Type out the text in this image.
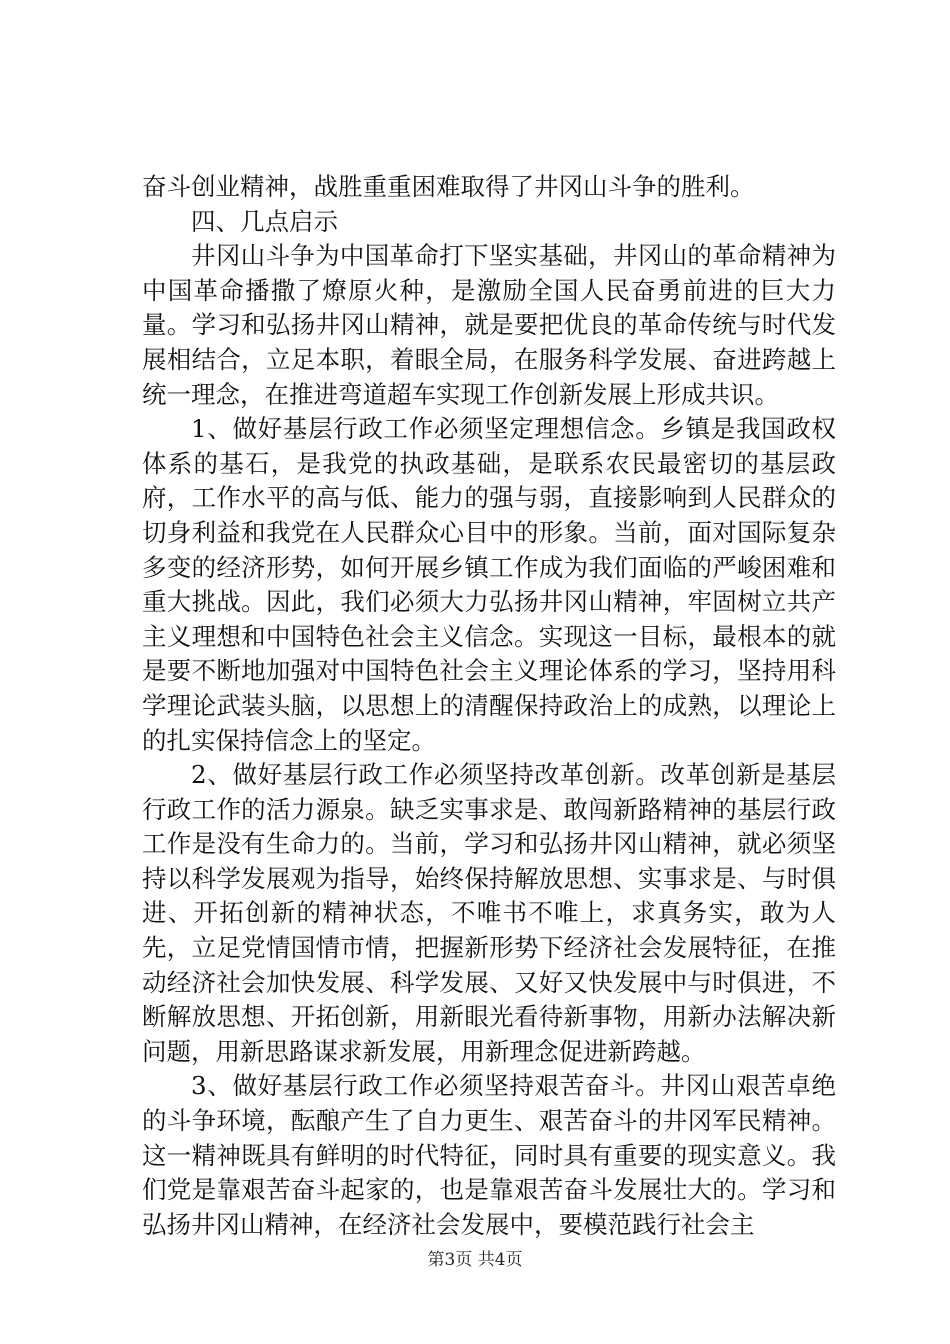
奋斗创业精神，战胜重重困难取得了井冈山斗争的胜利。

四、几点启示

井冈山斗争为中国革命打下坚实基础，井冈山的革命精神为中国革命播撒了燎原火种，是激励全国人民奋勇前进的巨大力量。学习和弘扬井冈山精神，就是要把优良的革命传统与时代发展相结合，立足本职，着眼全局，在服务科学发展、奋进跨越上统一理念，在推进弯道超车实现工作创新发展上形成共识。

1、做好基层行政工作必须坚定理想信念。乡镇是我国政权体系的基石，是我党的执政基础，是联系农民最密切的基层政府，工作水平的高与低、能力的强与弱，直接影响到人民群众的切身利益和我党在人民群众心目中的形象。当前，面对国际复杂多变的经济形势，如何开展乡镇工作成为我们面临的严峻困难和重大挑战。因此，我们必须大力弘扬井冈山精神，牢固树立共产主义理想和中国特色社会主义信念。实现这一目标，最根本的就是要不断地加强对中国特色社会主义理论体系的学习，坚持用科学理论武装头脑，以思想上的清醒保持政治上的成熟，以理论上的扎实保持信念上的坚定。

2、做好基层行政工作必须坚持改革创新。改革创新是基层行政工作的活力源泉。缺乏实事求是、敢闯新路精神的基层行政工作是没有生命力的。当前，学习和弘扬井冈山精神，就必须坚持以科学发展观为指导，始终保持解放思想、实事求是、与时俱进、开拓创新的精神状态，不唯书不唯上，求真务实，敢为人先，立足党情国情市情，把握新形势下经济社会发展特征，在推动经济社会加快发展、科学发展、又好又快发展中与时俱进，不断解放思想、开拓创新，用新眼光看待新事物，用新办法解决新问题，用新思路谋求新发展，用新理念促进新跨越。

3、做好基层行政工作必须坚持艰苦奋斗。井冈山艰苦卓绝的斗争环境，酝酿产生了自力更生、艰苦奋斗的井冈军民精神。这一精神既具有鲜明的时代特征，同时具有重要的现实意义。我们党是靠艰苦奋斗起家的，也是靠艰苦奋斗发展壮大的。学习和弘扬井冈山精神，在经济社会发展中，要模范践行社会主

第3页 共4页
